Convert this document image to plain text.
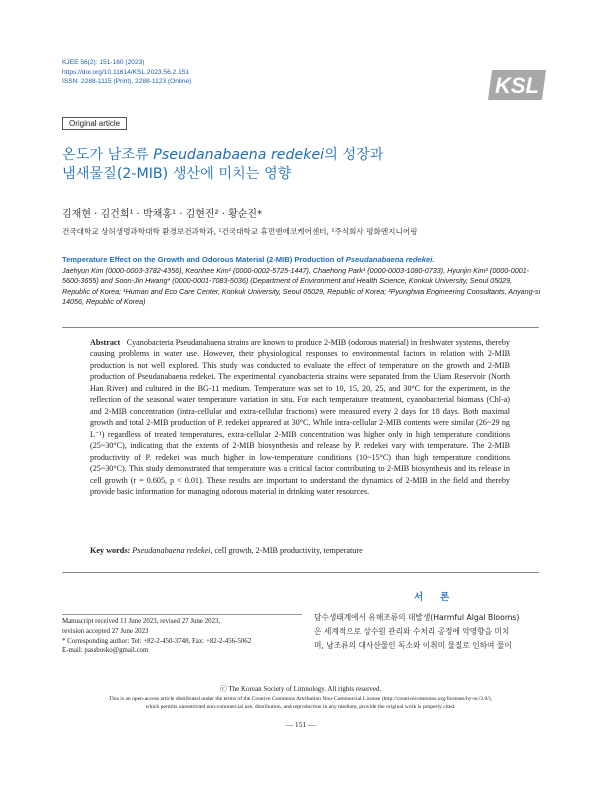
KJEE 56(2): 151-160 (2023)
https://doi.org/10.11614/KSL.2023.56.2.151
ISSN: 2288-1115 (Print), 2288-1123 (Online)	KSL
Original article
온도가 남조류 Pseudanabaena redekei의 성장과
냄새물질(2-MIB) 생산에 미치는 영향
김재현 · 김건희¹ · 박채홍¹ · 김현진² · 황순진*
건국대학교 상허생명과학대학 환경보건과학과, ¹건국대학교 휴먼앤에코케어센터, ²주식회사 평화엔지니어링
Temperature Effect on the Growth and Odorous Material (2-MIB) Production of Pseudanabaena redekei.
Jaehyun Kim (0000-0003-3782-4356), Keonhee Kim¹ (0000-0002-5725-1447), Chaehong Park¹ (0000-0003-1080-0733), Hyunjin Kim² (0000-0001-5600-3655) and Soon-Jin Hwang* (0000-0001-7083-5036) (Department of Environment and Health Science, Konkuk University, Seoul 05029, Republic of Korea; ¹Human and Eco Care Center, Konkuk University, Seoul 05029, Republic of Korea; ²Pyunghwa Engineering Consultants, Anyang-si 14056, Republic of Korea)
Abstract Cyanobacteria Pseudanabaena strains are known to produce 2-MIB (odorous material) in freshwater systems, thereby causing problems in water use. However, their physiological responses to environmental factors in relation with 2-MIB production is not well explored. This study was conducted to evaluate the effect of temperature on the growth and 2-MIB production of Pseudanabaena redekei. The experimental cyanobacteria strains were separated from the Uiam Reservoir (North Han River) and cultured in the BG-11 medium. Temperature was set to 10, 15, 20, 25, and 30°C for the experiment, in the reflection of the seasonal water temperature variation in situ. For each temperature treatment, cyanobacterial biomass (Chl-a) and 2-MIB concentration (intra-cellular and extra-cellular fractions) were measured every 2 days for 18 days. Both maximal growth and total 2-MIB production of P. redekei appeared at 30°C. While intra-cellular 2-MIB contents were similar (26~29 ng L⁻¹) regardless of treated temperatures, extra-cellular 2-MIB concentration was higher only in high temperature conditions (25~30°C), indicating that the extents of 2-MIB biosynthesis and release by P. redekei vary with temperature. The 2-MIB productivity of P. redekei was much higher in low-temperature conditions (10~15°C) than high temperature conditions (25~30°C). This study demonstrated that temperature was a critical factor contributing to 2-MIB biosynthesis and its release in cell growth (r = 0.605, p < 0.01). These results are important to understand the dynamics of 2-MIB in the field and thereby provide basic information for managing odorous material in drinking water resources.
Key words: Pseudanabaena redekei, cell growth, 2-MIB productivity, temperature
서론
Manuscript received 11 June 2023, revised 27 June 2023,
revision accepted 27 June 2023
* Corresponding author: Tel: +82-2-450-3748, Fax: +82-2-456-5062
E-mail: passbosko@gmail.com
담수생태계에서 유해조류의 대발생(Harmful Algal Blooms)
은 세계적으로 상수원 관리와 수처리 공정에 악영향을 미치
며, 남조류의 대사산물인 독소와 이취미 물질로 인하여 물이
ⓒ The Korean Society of Limnology. All rights reserved.
This is an open-access article distributed under the terms of the Creative Commons Attribution Non-Commercial License (http://creativecommons.org/licenses/by-nc/3.0/),
which permits unrestricted non-commercial use, distribution, and reproduction in any medium, provide the original work is properly cited.
— 151 —
